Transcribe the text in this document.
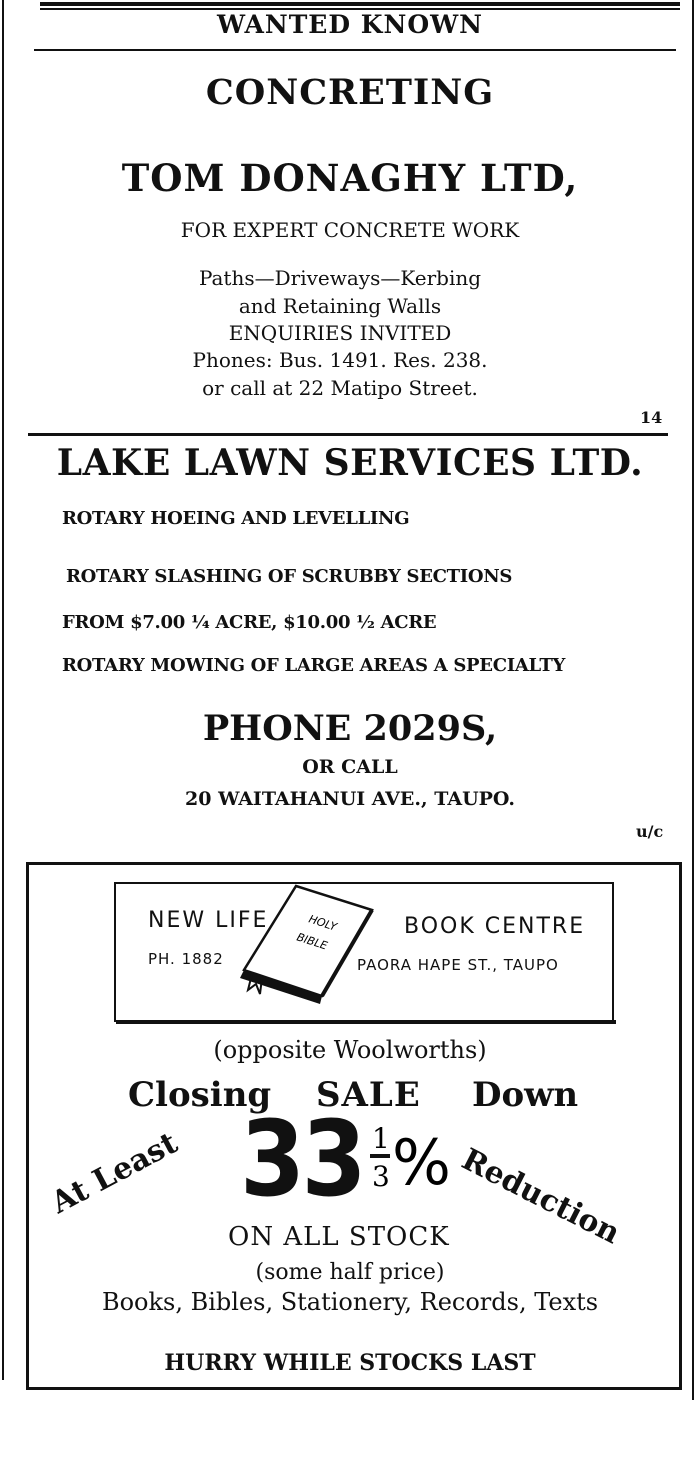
WANTED KNOWN
CONCRETING
TOM DONAGHY LTD,
FOR EXPERT CONCRETE WORK
Paths—Driveways—Kerbing
and Retaining Walls
ENQUIRIES INVITED
Phones: Bus. 1491. Res. 238.
or call at 22 Matipo Street.
14
LAKE LAWN SERVICES LTD.
ROTARY HOEING AND LEVELLING
ROTARY SLASHING OF SCRUBBY SECTIONS
FROM $7.00 ¼ ACRE, $10.00 ½ ACRE
ROTARY MOWING OF LARGE AREAS A SPECIALTY
PHONE 2029S,
OR CALL
20 WAITAHANUI AVE., TAUPO.
u/c
NEW LIFE	BOOK CENTRE
PH. 1882	PAORA HAPE ST., TAUPO
HOLY
BIBLE
(opposite Woolworths)
Closing SALE Down
At Least 33 1
3 % Reduction
ON ALL STOCK
(some half price)
Books, Bibles, Stationery, Records, Texts
HURRY WHILE STOCKS LAST
